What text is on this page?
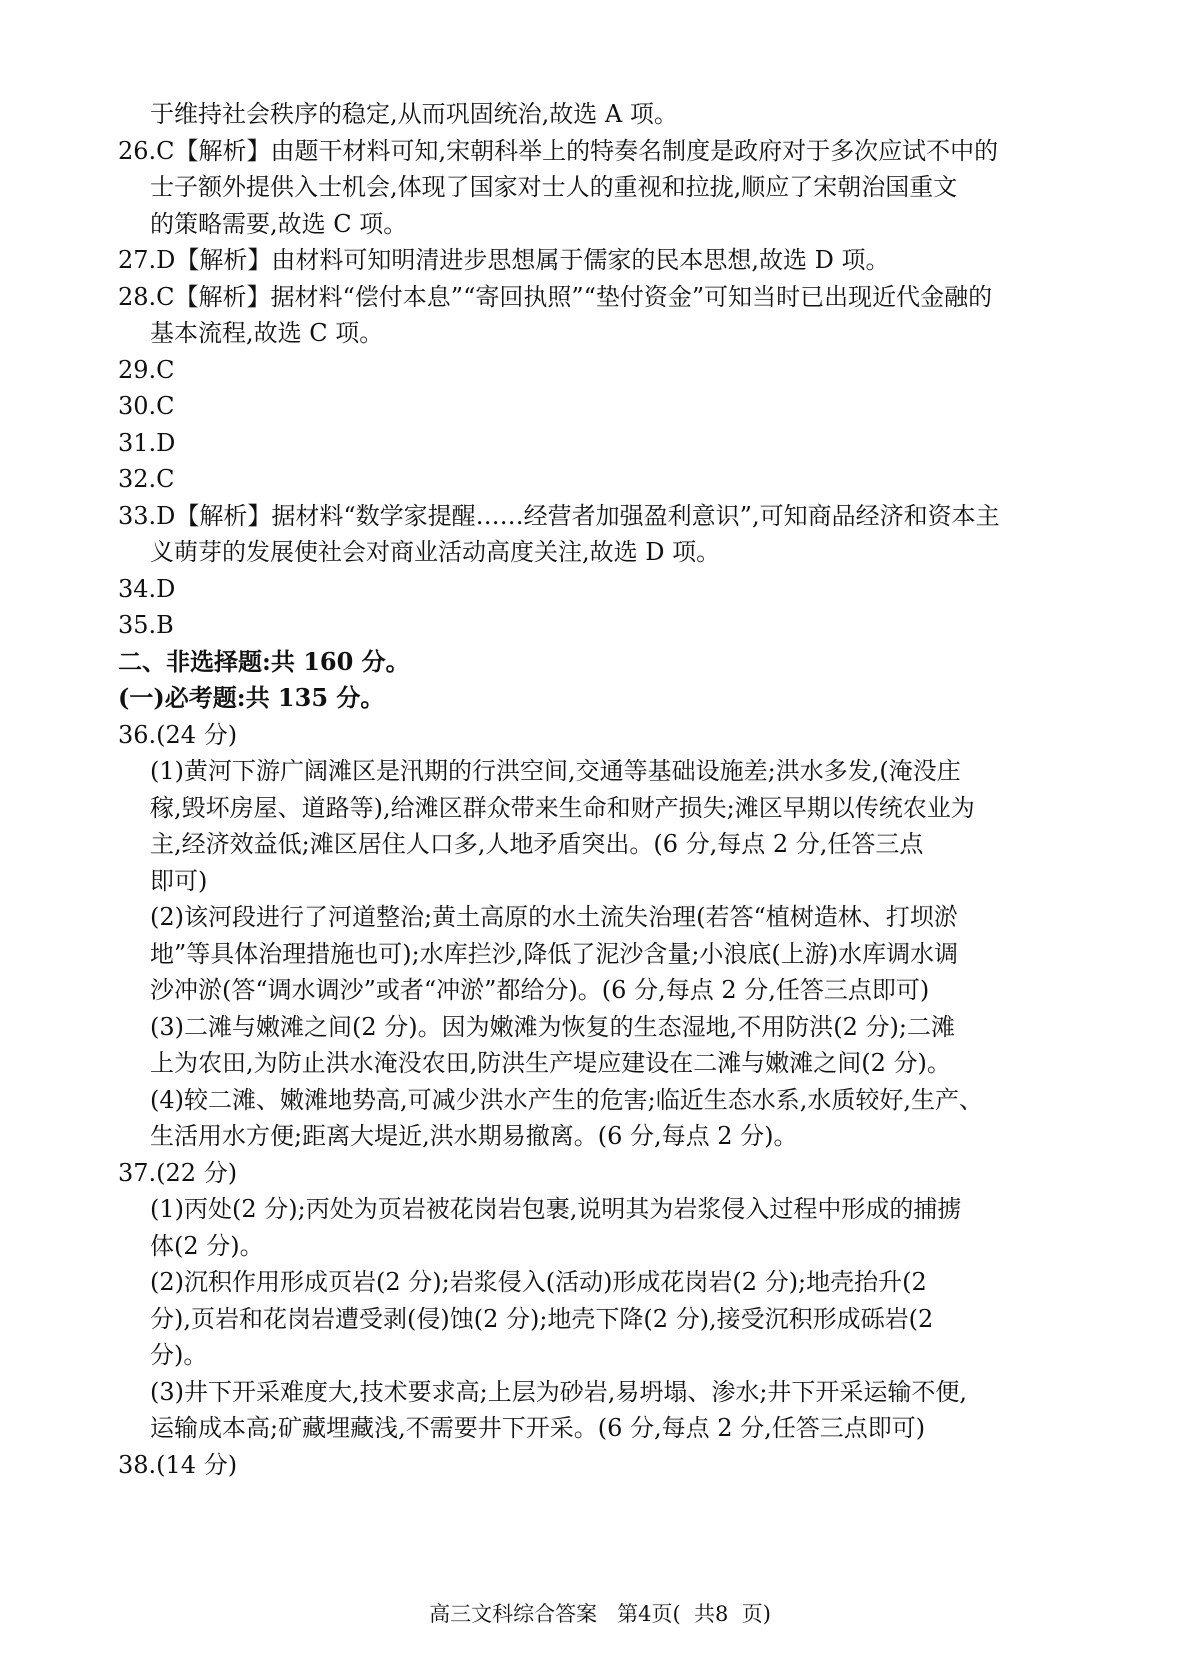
于维持社会秩序的稳定,从而巩固统治,故选 A 项。
26.C【解析】由题干材料可知,宋朝科举上的特奏名制度是政府对于多次应试不中的
士子额外提供入士机会,体现了国家对士人的重视和拉拢,顺应了宋朝治国重文
的策略需要,故选 C 项。
27.D【解析】由材料可知明清进步思想属于儒家的民本思想,故选 D 项。
28.C【解析】据材料“偿付本息”“寄回执照”“垫付资金”可知当时已出现近代金融的
基本流程,故选 C 项。
29.C
30.C
31.D
32.C
33.D【解析】据材料“数学家提醒……经营者加强盈利意识”,可知商品经济和资本主
义萌芽的发展使社会对商业活动高度关注,故选 D 项。
34.D
35.B
二、非选择题:共 160 分。
(一)必考题:共 135 分。
36.(24 分)
(1)黄河下游广阔滩区是汛期的行洪空间,交通等基础设施差;洪水多发,(淹没庄
稼,毁坏房屋、道路等),给滩区群众带来生命和财产损失;滩区早期以传统农业为
主,经济效益低;滩区居住人口多,人地矛盾突出。(6 分,每点 2 分,任答三点
即可)
(2)该河段进行了河道整治;黄土高原的水土流失治理(若答“植树造林、打坝淤
地”等具体治理措施也可);水库拦沙,降低了泥沙含量;小浪底(上游)水库调水调
沙冲淤(答“调水调沙”或者“冲淤”都给分)。(6 分,每点 2 分,任答三点即可)
(3)二滩与嫩滩之间(2 分)。因为嫩滩为恢复的生态湿地,不用防洪(2 分);二滩
上为农田,为防止洪水淹没农田,防洪生产堤应建设在二滩与嫩滩之间(2 分)。
(4)较二滩、嫩滩地势高,可减少洪水产生的危害;临近生态水系,水质较好,生产、
生活用水方便;距离大堤近,洪水期易撤离。(6 分,每点 2 分)。
37.(22 分)
(1)丙处(2 分);丙处为页岩被花岗岩包裹,说明其为岩浆侵入过程中形成的捕掳
体(2 分)。
(2)沉积作用形成页岩(2 分);岩浆侵入(活动)形成花岗岩(2 分);地壳抬升(2
分),页岩和花岗岩遭受剥(侵)蚀(2 分);地壳下降(2 分),接受沉积形成砾岩(2
分)。
(3)井下开采难度大,技术要求高;上层为砂岩,易坍塌、渗水;井下开采运输不便,
运输成本高;矿藏埋藏浅,不需要井下开采。(6 分,每点 2 分,任答三点即可)
38.(14 分)
高三文科综合答案   第4页(  共8  页)
